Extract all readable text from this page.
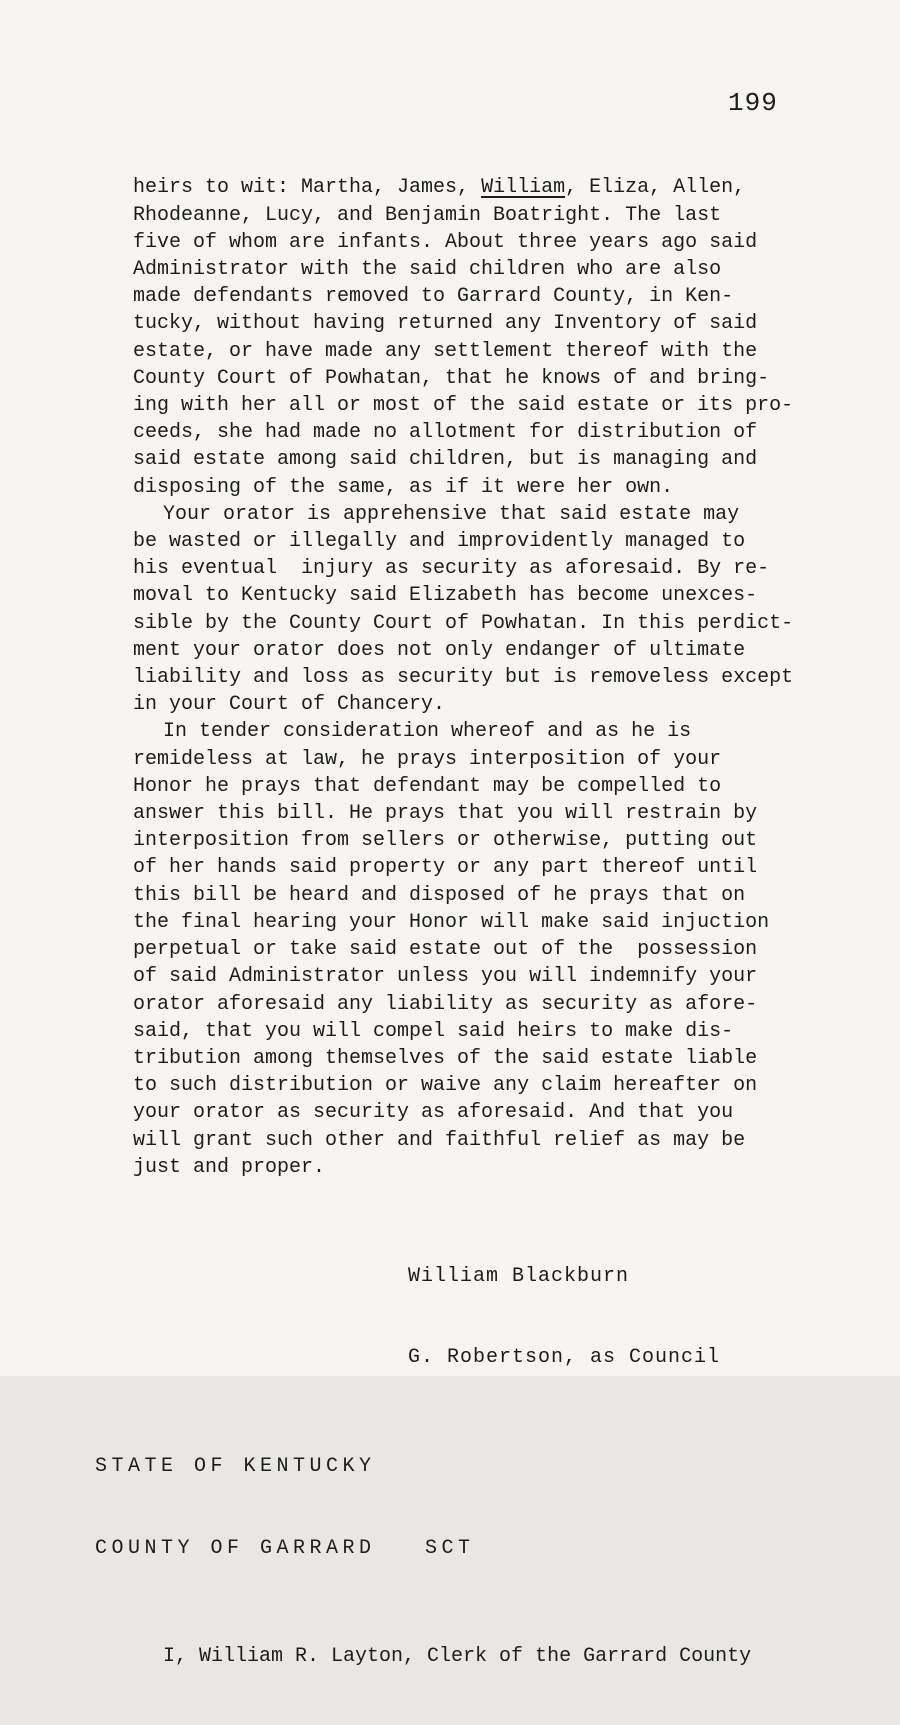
199

heirs to wit: Martha, James, William, Eliza, Allen,
Rhodeanne, Lucy, and Benjamin Boatright. The last
five of whom are infants. About three years ago said
Administrator with the said children who are also
made defendants removed to Garrard County, in Ken-
tucky, without having returned any Inventory of said
estate, or have made any settlement thereof with the
County Court of Powhatan, that he knows of and bring-
ing with her all or most of the said estate or its pro-
ceeds, she had made no allotment for distribution of
said estate among said children, but is managing and
disposing of the same, as if it were her own.
Your orator is apprehensive that said estate may
be wasted or illegally and improvidently managed to
his eventual  injury as security as aforesaid. By re-
moval to Kentucky said Elizabeth has become unexces-
sible by the County Court of Powhatan. In this perdict-
ment your orator does not only endanger of ultimate
liability and loss as security but is removeless except
in your Court of Chancery.
In tender consideration whereof and as he is
remideless at law, he prays interposition of your
Honor he prays that defendant may be compelled to
answer this bill. He prays that you will restrain by
interposition from sellers or otherwise, putting out
of her hands said property or any part thereof until
this bill be heard and disposed of he prays that on
the final hearing your Honor will make said injuction
perpetual or take said estate out of the  possession
of said Administrator unless you will indemnify your
orator aforesaid any liability as security as afore-
said, that you will compel said heirs to make dis-
tribution among themselves of the said estate liable
to such distribution or waive any claim hereafter on
your orator as security as aforesaid. And that you
will grant such other and faithful relief as may be
just and proper.

William Blackburn

G. Robertson, as Council

STATE OF KENTUCKY

COUNTY OF GARRARD   SCT

I, William R. Layton, Clerk of the Garrard County
